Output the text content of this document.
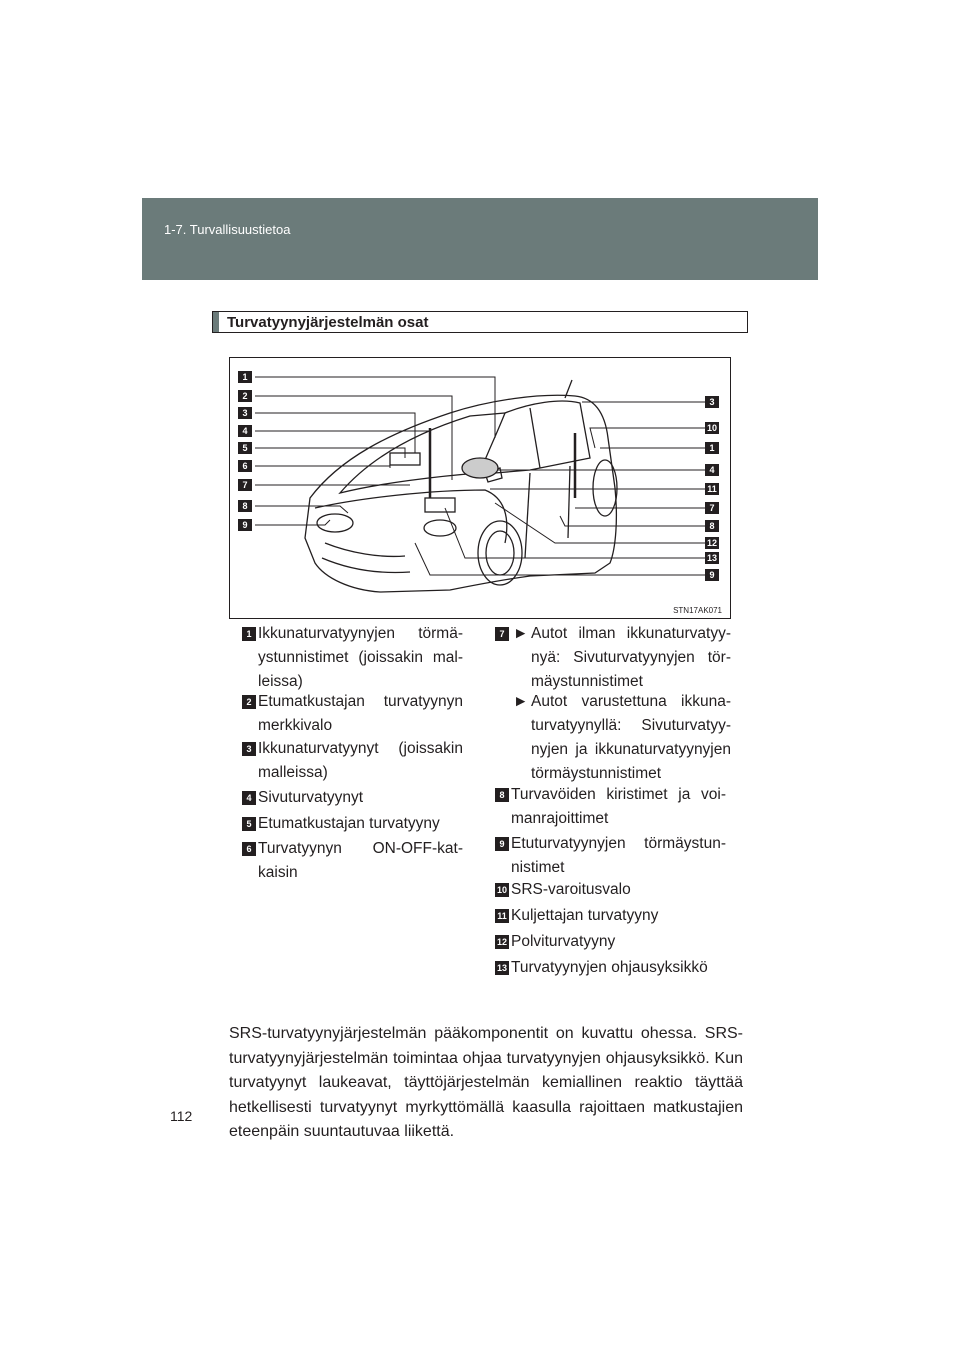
1-7. Turvallisuustietoa
Turvatyynyjärjestelmän osat
1
2
3
4
5
6
7
8
9
3
10
1
4
11
7
8
12
13
9
STN17AK071
1 Ikkunaturvatyynyjen törmä-ystunnistimet (joissakin mal-leissa)
2 Etumatkustajan turvatyynyn merkkivalo
3 Ikkunaturvatyynyt (joissakin malleissa)
4 Sivuturvatyynyt
5 Etumatkustajan turvatyyny
6 Turvatyynyn ON-OFF-kat-kaisin
7 ► Autot ilman ikkunaturvatyy-nyä: Sivuturvatyynyjen tör-mäystunnistimet
► Autot varustettuna ikkuna-turvatyynyllä: Sivuturvatyy-nyjen ja ikkunaturvatyynyjen törmäystunnistimet
8 Turvavöiden kiristimet ja voi-manrajoittimet
9 Etuturvatyynyjen törmäystun-nistimet
10 SRS-varoitusvalo
11 Kuljettajan turvatyyny
12 Polviturvatyyny
13 Turvatyynyjen ohjausyksikkö
SRS-turvatyynyjärjestelmän pääkomponentit on kuvattu ohessa. SRS-turvatyynyjärjestelmän toimintaa ohjaa turvatyynyjen ohjausyksikkö. Kun turvatyynyt laukeavat, täyttöjärjestelmän kemiallinen reaktio täyttää hetkellisesti turvatyynyt myrkyttömällä kaasulla rajoittaen matkustajien eteenpäin suuntautuvaa liikettä.
112
